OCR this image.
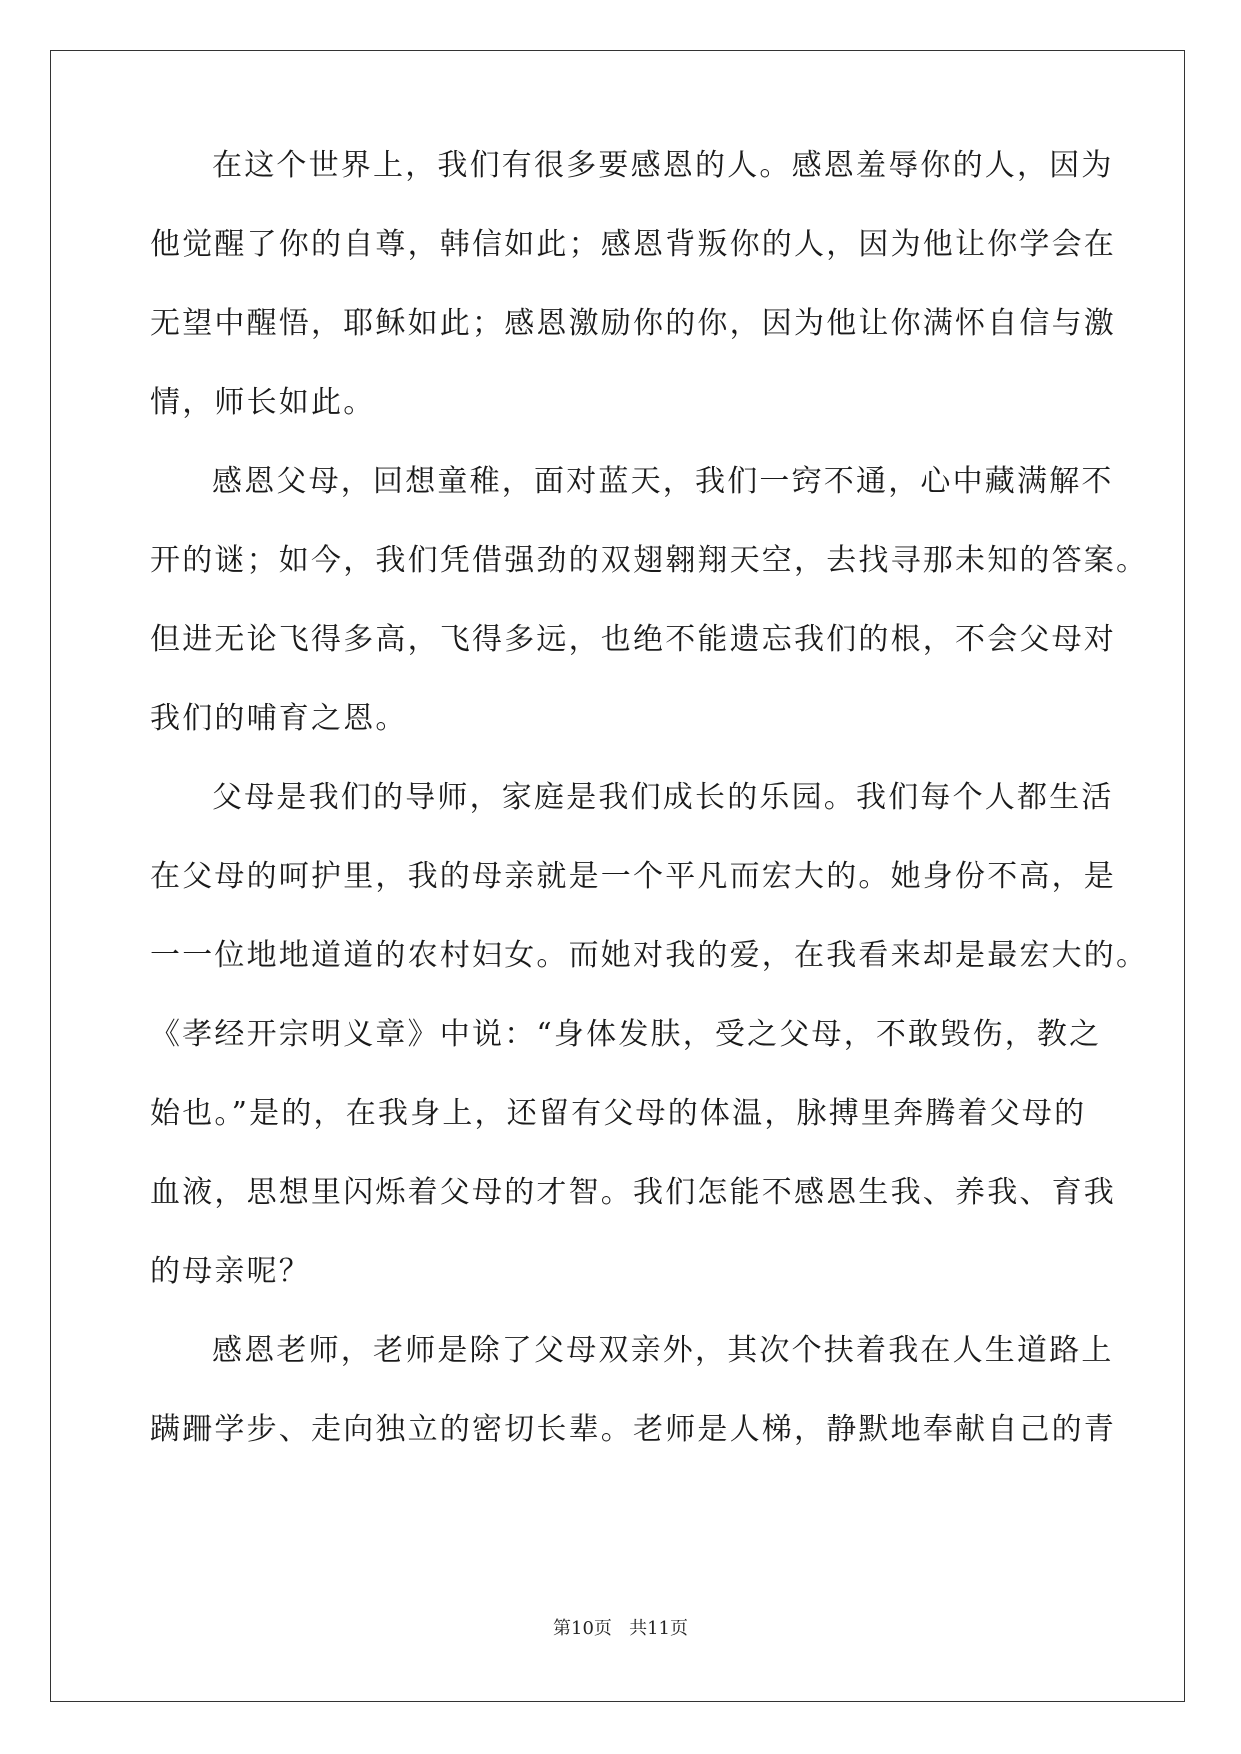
在这个世界上，我们有很多要感恩的人。感恩羞辱你的人，因为

他觉醒了你的自尊，韩信如此；感恩背叛你的人，因为他让你学会在

无望中醒悟，耶稣如此；感恩激励你的你，因为他让你满怀自信与激

情，师长如此。

感恩父母，回想童稚，面对蓝天，我们一窍不通，心中藏满解不

开的谜；如今，我们凭借强劲的双翅翱翔天空，去找寻那未知的答案。

但进无论飞得多高，飞得多远，也绝不能遗忘我们的根，不会父母对

我们的哺育之恩。

父母是我们的导师，家庭是我们成长的乐园。我们每个人都生活

在父母的呵护里，我的母亲就是一个平凡而宏大的。她身份不高，是

一一位地地道道的农村妇女。而她对我的爱，在我看来却是最宏大的。

《孝经开宗明义章》中说：“身体发肤，受之父母，不敢毁伤，教之

始也。”是的，在我身上，还留有父母的体温，脉搏里奔腾着父母的

血液，思想里闪烁着父母的才智。我们怎能不感恩生我、养我、育我

的母亲呢？

感恩老师，老师是除了父母双亲外，其次个扶着我在人生道路上

蹒跚学步、走向独立的密切长辈。老师是人梯，静默地奉献自己的青

第10页   共11页
